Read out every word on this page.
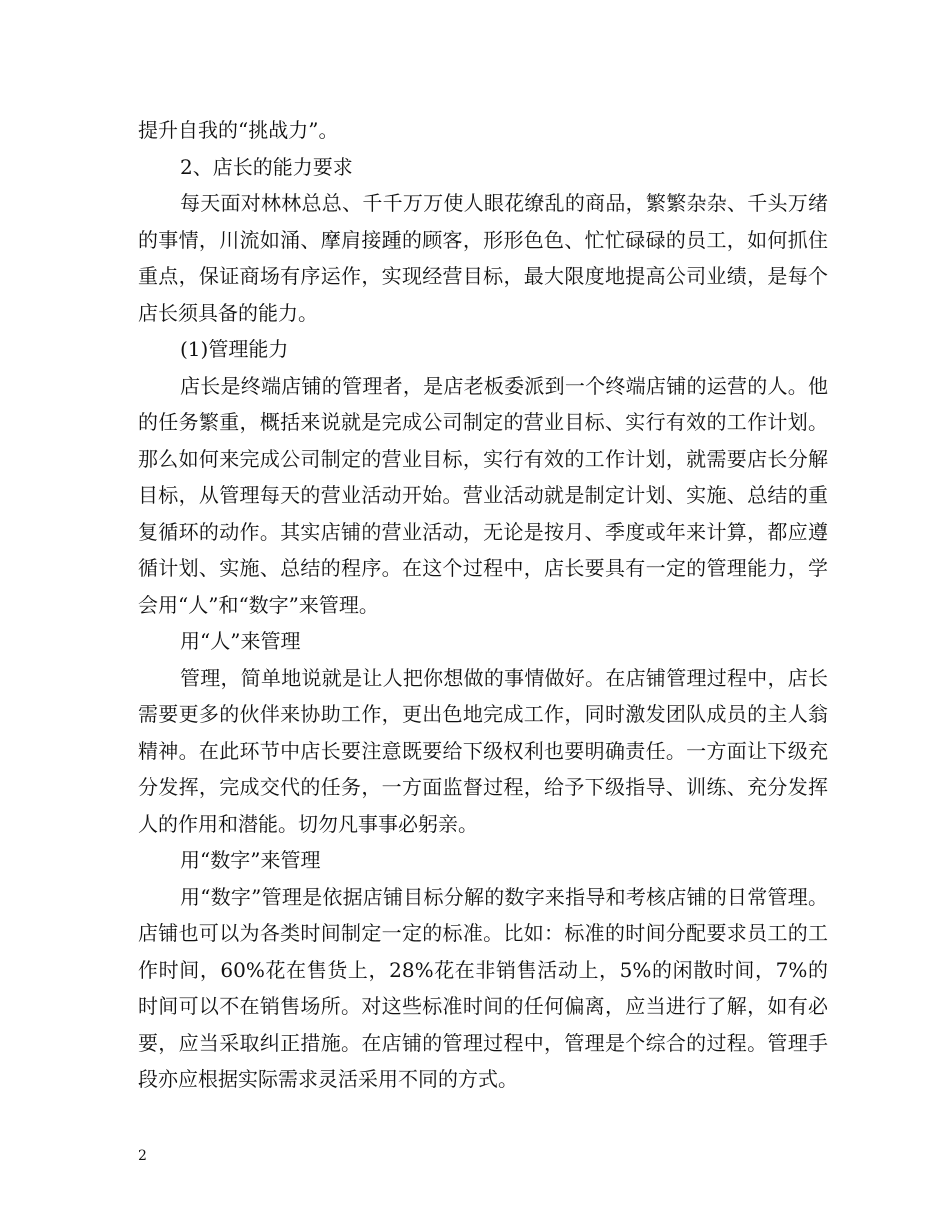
提升自我的“挑战力”。

2、店长的能力要求

每天面对林林总总、千千万万使人眼花缭乱的商品，繁繁杂杂、千头万绪的事情，川流如涌、摩肩接踵的顾客，形形色色、忙忙碌碌的员工，如何抓住重点，保证商场有序运作，实现经营目标，最大限度地提高公司业绩，是每个店长须具备的能力。

(1)管理能力

店长是终端店铺的管理者，是店老板委派到一个终端店铺的运营的人。他的任务繁重，概括来说就是完成公司制定的营业目标、实行有效的工作计划。那么如何来完成公司制定的营业目标，实行有效的工作计划，就需要店长分解目标，从管理每天的营业活动开始。营业活动就是制定计划、实施、总结的重复循环的动作。其实店铺的营业活动，无论是按月、季度或年来计算，都应遵循计划、实施、总结的程序。在这个过程中，店长要具有一定的管理能力，学会用“人”和“数字”来管理。

用“人”来管理

管理，简单地说就是让人把你想做的事情做好。在店铺管理过程中，店长需要更多的伙伴来协助工作，更出色地完成工作，同时激发团队成员的主人翁精神。在此环节中店长要注意既要给下级权利也要明确责任。一方面让下级充分发挥，完成交代的任务，一方面监督过程，给予下级指导、训练、充分发挥人的作用和潜能。切勿凡事事必躬亲。

用“数字”来管理

用“数字”管理是依据店铺目标分解的数字来指导和考核店铺的日常管理。店铺也可以为各类时间制定一定的标准。比如：标准的时间分配要求员工的工作时间，60%花在售货上，28%花在非销售活动上，5%的闲散时间，7%的时间可以不在销售场所。对这些标准时间的任何偏离，应当进行了解，如有必要，应当采取纠正措施。在店铺的管理过程中，管理是个综合的过程。管理手段亦应根据实际需求灵活采用不同的方式。

2
